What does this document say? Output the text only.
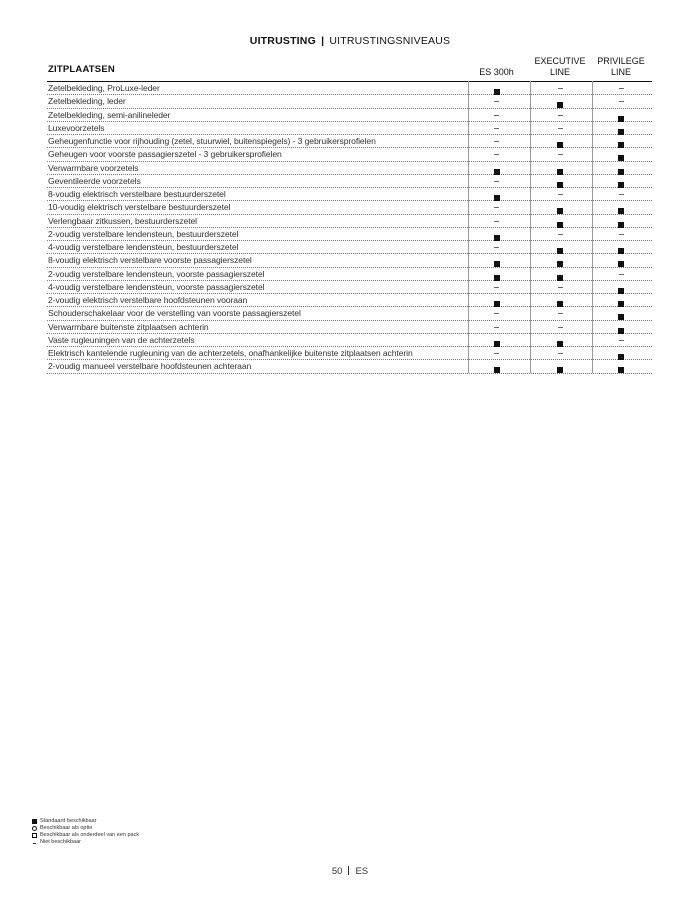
UITRUSTING | UITRUSTINGSNIVEAUS
ZITPLAATSEN	ES 300h
EXECUTIVE LINE
PRIVILEGE LINE
Zetelbekleding, ProLuxe-leder
Zetelbekleding, leder
Zetelbekleding, semi-anilineleder
Luxevoorzetels
Geheugenfunctie voor rijhouding (zetel, stuurwiel, buitenspiegels) - 3 gebruikersprofielen
Geheugen voor voorste passagierszetel - 3 gebruikersprofielen
Verwarmbare voorzetels
Geventileerde voorzetels
8-voudig elektrisch verstelbare bestuurderszetel
10-voudig elektrisch verstelbare bestuurderszetel
Verlengbaar zitkussen, bestuurderszetel
2-voudig verstelbare lendensteun, bestuurderszetel
4-voudig verstelbare lendensteun, bestuurderszetel
8-voudig elektrisch verstelbare voorste passagierszetel
2-voudig verstelbare lendensteun, voorste passagierszetel
4-voudig verstelbare lendensteun, voorste passagierszetel
2-voudig elektrisch verstelbare hoofdsteunen vooraan
Schouderschakelaar voor de verstelling van voorste passagierszetel
Verwarmbare buitenste zitplaatsen achterin
Vaste rugleuningen van de achterzetels
Elektrisch kantelende rugleuning van de achterzetels, onafhankelijke buitenste zitplaatsen achterin
2-voudig manueel verstelbare hoofdsteunen achteraan
Standaard beschikbaar
Beschikbaar als optie
Beschikbaar als onderdeel van een pack
Niet beschikbaar
50 ES
